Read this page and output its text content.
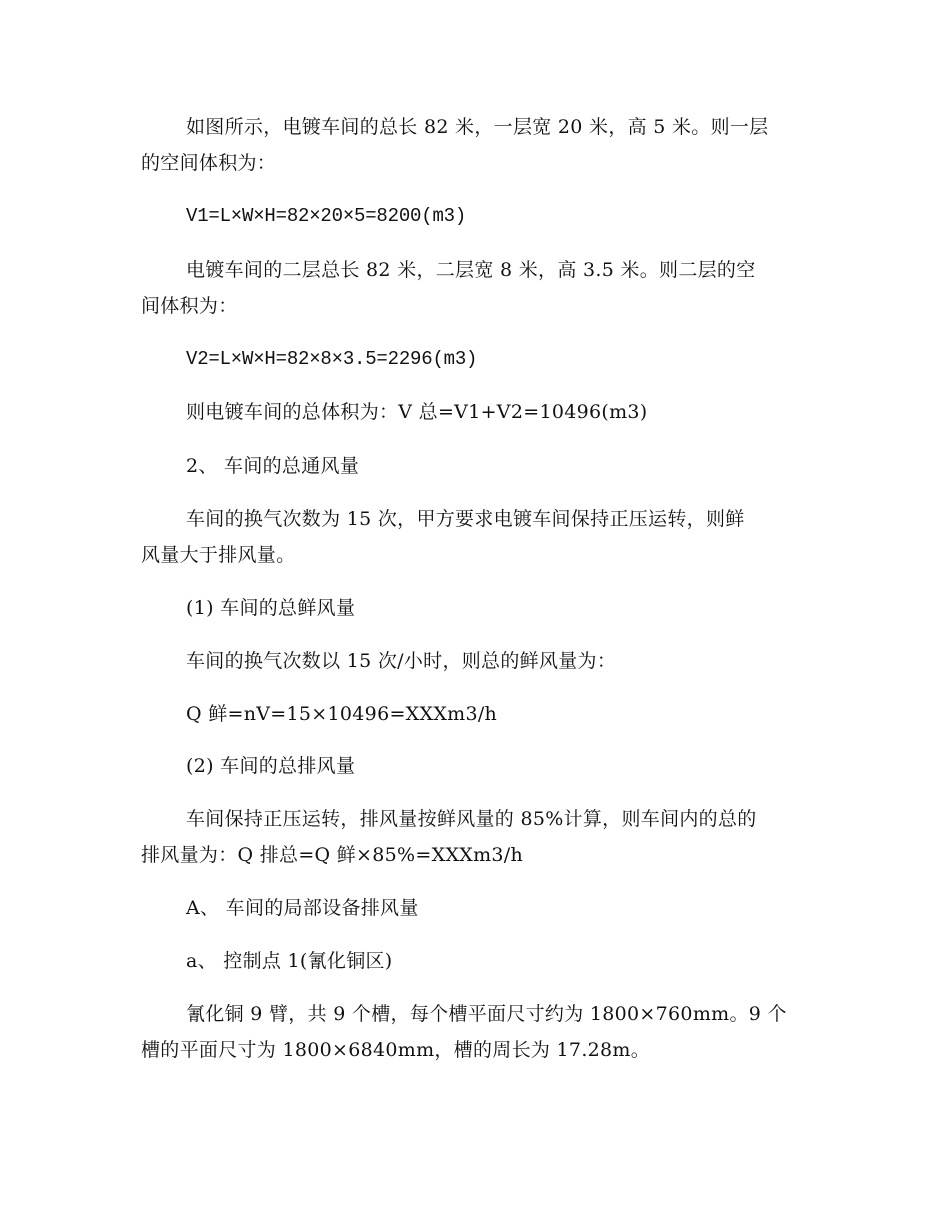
如图所示，电镀车间的总长 82 米，一层宽 20 米，高 5 米。则一层
的空间体积为：
V1=L×W×H=82×20×5=8200(m3)
电镀车间的二层总长 82 米，二层宽 8 米，高 3.5 米。则二层的空
间体积为：
V2=L×W×H=82×8×3.5=2296(m3)
则电镀车间的总体积为：V 总=V1+V2=10496(m3)
2、 车间的总通风量
车间的换气次数为 15 次，甲方要求电镀车间保持正压运转，则鲜
风量大于排风量。
(1) 车间的总鲜风量
车间的换气次数以 15 次/小时，则总的鲜风量为：
Q 鲜=nV=15×10496=XXXm3/h
(2) 车间的总排风量
车间保持正压运转，排风量按鲜风量的 85%计算，则车间内的总的
排风量为：Q 排总=Q 鲜×85%=XXXm3/h
A、 车间的局部设备排风量
a、 控制点 1(氰化铜区)
氰化铜 9 臂，共 9 个槽，每个槽平面尺寸约为 1800×760mm。9 个
槽的平面尺寸为 1800×6840mm，槽的周长为 17.28m。
